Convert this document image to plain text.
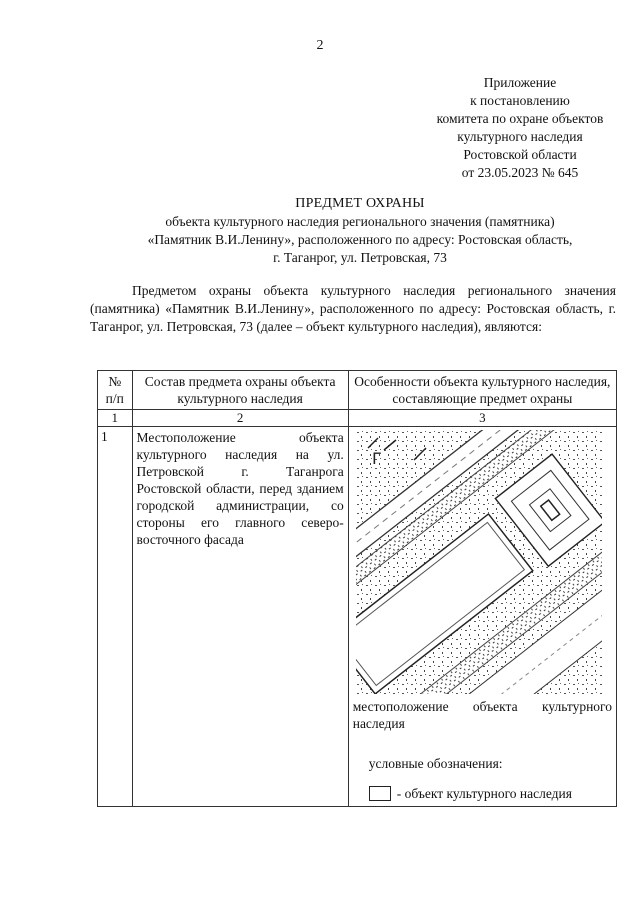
2
Приложение
к постановлению
комитета по охране объектов
культурного наследия
Ростовской области
от 23.05.2023 № 645
ПРЕДМЕТ ОХРАНЫ
объекта культурного наследия регионального значения (памятника)
«Памятник В.И.Ленину», расположенного по адресу: Ростовская область,
г. Таганрог, ул. Петровская, 73
Предметом охраны объекта культурного наследия регионального значения (памятника) «Памятник В.И.Ленину», расположенного по адресу: Ростовская область, г. Таганрог, ул. Петровская, 73 (далее – объект культурного наследия), являются:
№ п/п	Состав предмета охраны объекта культурного наследия	Особенности объекта культурного наследия, составляющие предмет охраны
1	2	3
1	Местоположение объекта культурного наследия на ул. Петровской г. Таганрога Ростовской области, перед зданием городской администрации, со стороны его главного северо-восточного фасада	Г
местоположение объекта культурного наследия
условные обозначения:
- объект культурного наследия
